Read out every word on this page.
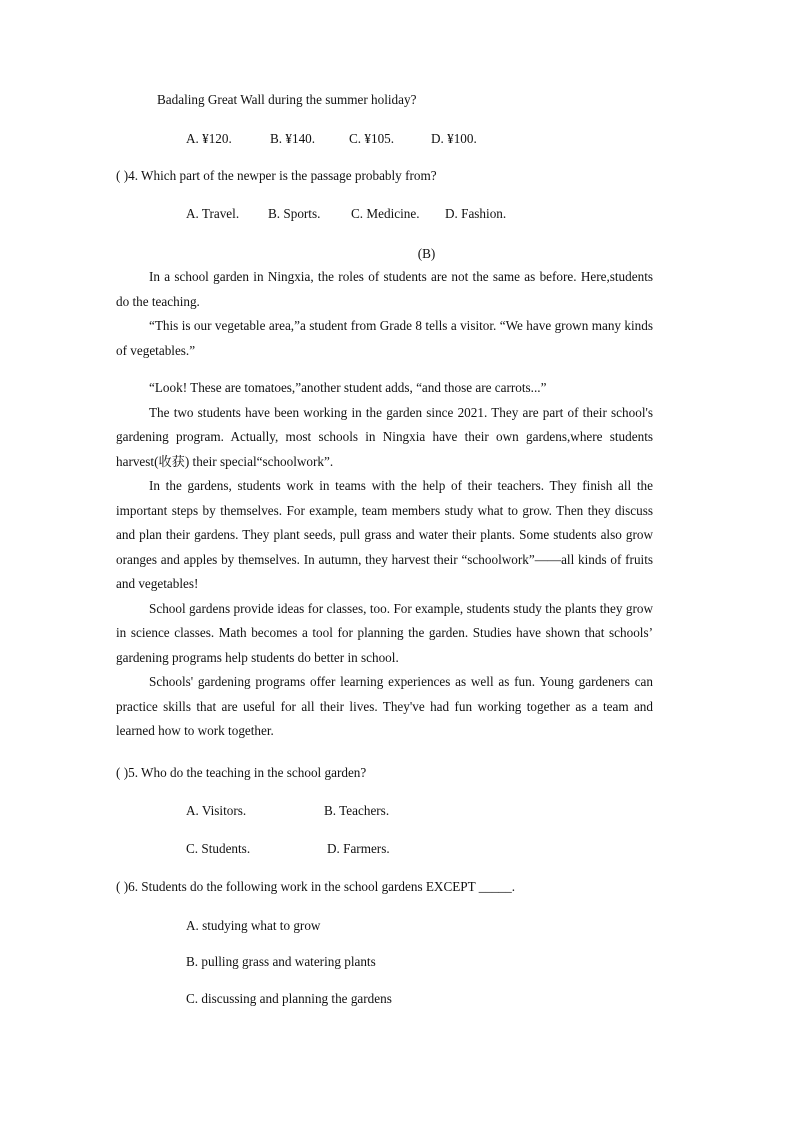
Badaling Great Wall during the summer holiday?
A. ¥120.	B. ¥140.	C. ¥105.	D. ¥100.
( )4. Which part of the newper is the passage probably from?
A. Travel. B. Sports. C. Medicine. D. Fashion.
(B)

In a school garden in Ningxia, the roles of students are not the same as before. Here,students do the teaching.

“This is our vegetable area,”a student from Grade 8 tells a visitor. “We have grown many kinds of vegetables.”

“Look! These are tomatoes,”another student adds, “and those are carrots...”

The two students have been working in the garden since 2021. They are part of their school's gardening program. Actually, most schools in Ningxia have their own gardens,where students harvest(收获) their special“schoolwork”.

In the gardens, students work in teams with the help of their teachers. They finish all the important steps by themselves. For example, team members study what to grow. Then they discuss and plan their gardens. They plant seeds, pull grass and water their plants. Some students also grow oranges and apples by themselves. In autumn, they harvest their “schoolwork”——all kinds of fruits and vegetables!

School gardens provide ideas for classes, too. For example, students study the plants they grow in science classes. Math becomes a tool for planning the garden. Studies have shown that schools’ gardening programs help students do better in school.

Schools' gardening programs offer learning experiences as well as fun. Young gardeners can practice skills that are useful for all their lives. They've had fun working together as a team and learned how to work together.

( )5. Who do the teaching in the school garden?
A. Visitors.	B. Teachers.
C. Students.	D. Farmers.
( )6. Students do the following work in the school gardens EXCEPT _____.
A. studying what to grow
B. pulling grass and watering plants
C. discussing and planning the gardens
